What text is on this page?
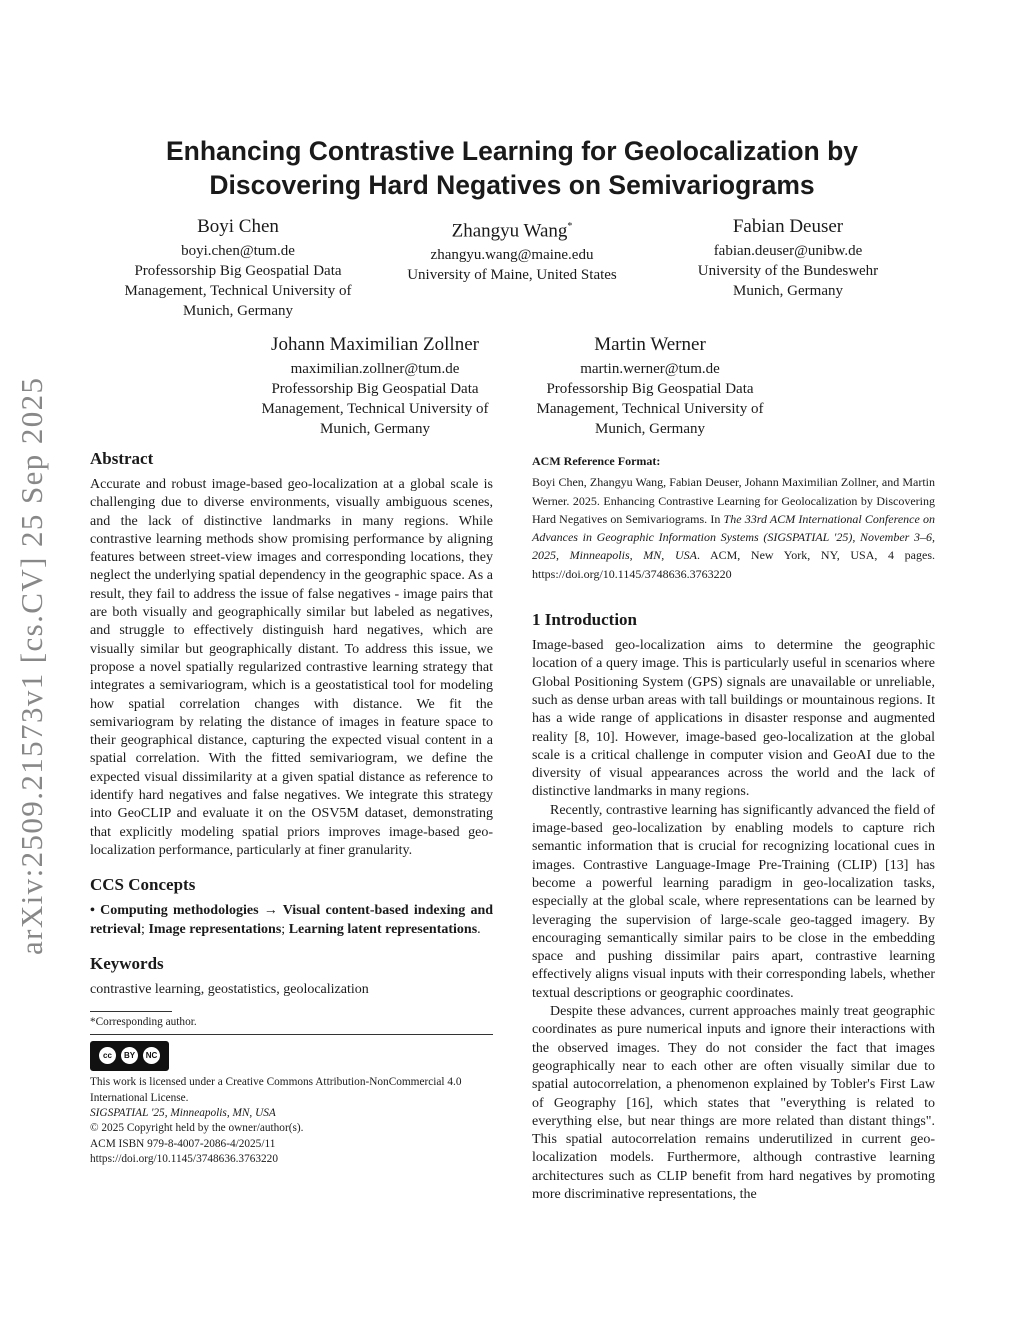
arXiv:2509.21573v1 [cs.CV] 25 Sep 2025
Enhancing Contrastive Learning for Geolocalization by
Discovering Hard Negatives on Semivariograms
Boyi Chen
boyi.chen@tum.de
Professorship Big Geospatial Data
Management, Technical University of
Munich, Germany
Zhangyu Wang*
zhangyu.wang@maine.edu
University of Maine, United States
Fabian Deuser
fabian.deuser@unibw.de
University of the Bundeswehr
Munich, Germany
Johann Maximilian Zollner
maximilian.zollner@tum.de
Professorship Big Geospatial Data
Management, Technical University of
Munich, Germany
Martin Werner
martin.werner@tum.de
Professorship Big Geospatial Data
Management, Technical University of
Munich, Germany
Abstract

Accurate and robust image-based geo-localization at a global scale is challenging due to diverse environments, visually ambiguous scenes, and the lack of distinctive landmarks in many regions. While contrastive learning methods show promising performance by aligning features between street-view images and corresponding locations, they neglect the underlying spatial dependency in the geographic space. As a result, they fail to address the issue of false negatives - image pairs that are both visually and geographically similar but labeled as negatives, and struggle to effectively distinguish hard negatives, which are visually similar but geographically distant. To address this issue, we propose a novel spatially regularized contrastive learning strategy that integrates a semivariogram, which is a geostatistical tool for modeling how spatial correlation changes with distance. We fit the semivariogram by relating the distance of images in feature space to their geographical distance, capturing the expected visual content in a spatial correlation. With the fitted semivariogram, we define the expected visual dissimilarity at a given spatial distance as reference to identify hard negatives and false negatives. We integrate this strategy into GeoCLIP and evaluate it on the OSV5M dataset, demonstrating that explicitly modeling spatial priors improves image-based geo-localization performance, particularly at finer granularity.

CCS Concepts

• Computing methodologies → Visual content-based indexing and retrieval; Image representations; Learning latent representations.

Keywords

contrastive learning, geostatistics, geolocalization

*Corresponding author.
cc	BY	NC
This work is licensed under a Creative Commons Attribution-NonCommercial 4.0 International License.
SIGSPATIAL '25, Minneapolis, MN, USA
© 2025 Copyright held by the owner/author(s).
ACM ISBN 979-8-4007-2086-4/2025/11
https://doi.org/10.1145/3748636.3763220
ACM Reference Format:

Boyi Chen, Zhangyu Wang, Fabian Deuser, Johann Maximilian Zollner, and Martin Werner. 2025. Enhancing Contrastive Learning for Geolocalization by Discovering Hard Negatives on Semivariograms. In The 33rd ACM International Conference on Advances in Geographic Information Systems (SIGSPATIAL '25), November 3–6, 2025, Minneapolis, MN, USA. ACM, New York, NY, USA, 4 pages. https://doi.org/10.1145/3748636.3763220

1 Introduction

Image-based geo-localization aims to determine the geographic location of a query image. This is particularly useful in scenarios where Global Positioning System (GPS) signals are unavailable or unreliable, such as dense urban areas with tall buildings or mountainous regions. It has a wide range of applications in disaster response and augmented reality [8, 10]. However, image-based geo-localization at the global scale is a critical challenge in computer vision and GeoAI due to the diversity of visual appearances across the world and the lack of distinctive landmarks in many regions.

Recently, contrastive learning has significantly advanced the field of image-based geo-localization by enabling models to capture rich semantic information that is crucial for recognizing locational cues in images. Contrastive Language-Image Pre-Training (CLIP) [13] has become a powerful learning paradigm in geo-localization tasks, especially at the global scale, where representations can be learned by leveraging the supervision of large-scale geo-tagged imagery. By encouraging semantically similar pairs to be close in the embedding space and pushing dissimilar pairs apart, contrastive learning effectively aligns visual inputs with their corresponding labels, whether textual descriptions or geographic coordinates.

Despite these advances, current approaches mainly treat geographic coordinates as pure numerical inputs and ignore their interactions with the observed images. They do not consider the fact that images geographically near to each other are often visually similar due to spatial autocorrelation, a phenomenon explained by Tobler's First Law of Geography [16], which states that "everything is related to everything else, but near things are more related than distant things". This spatial autocorrelation remains underutilized in current geo-localization models. Furthermore, although contrastive learning architectures such as CLIP benefit from hard negatives by promoting more discriminative representations, the
